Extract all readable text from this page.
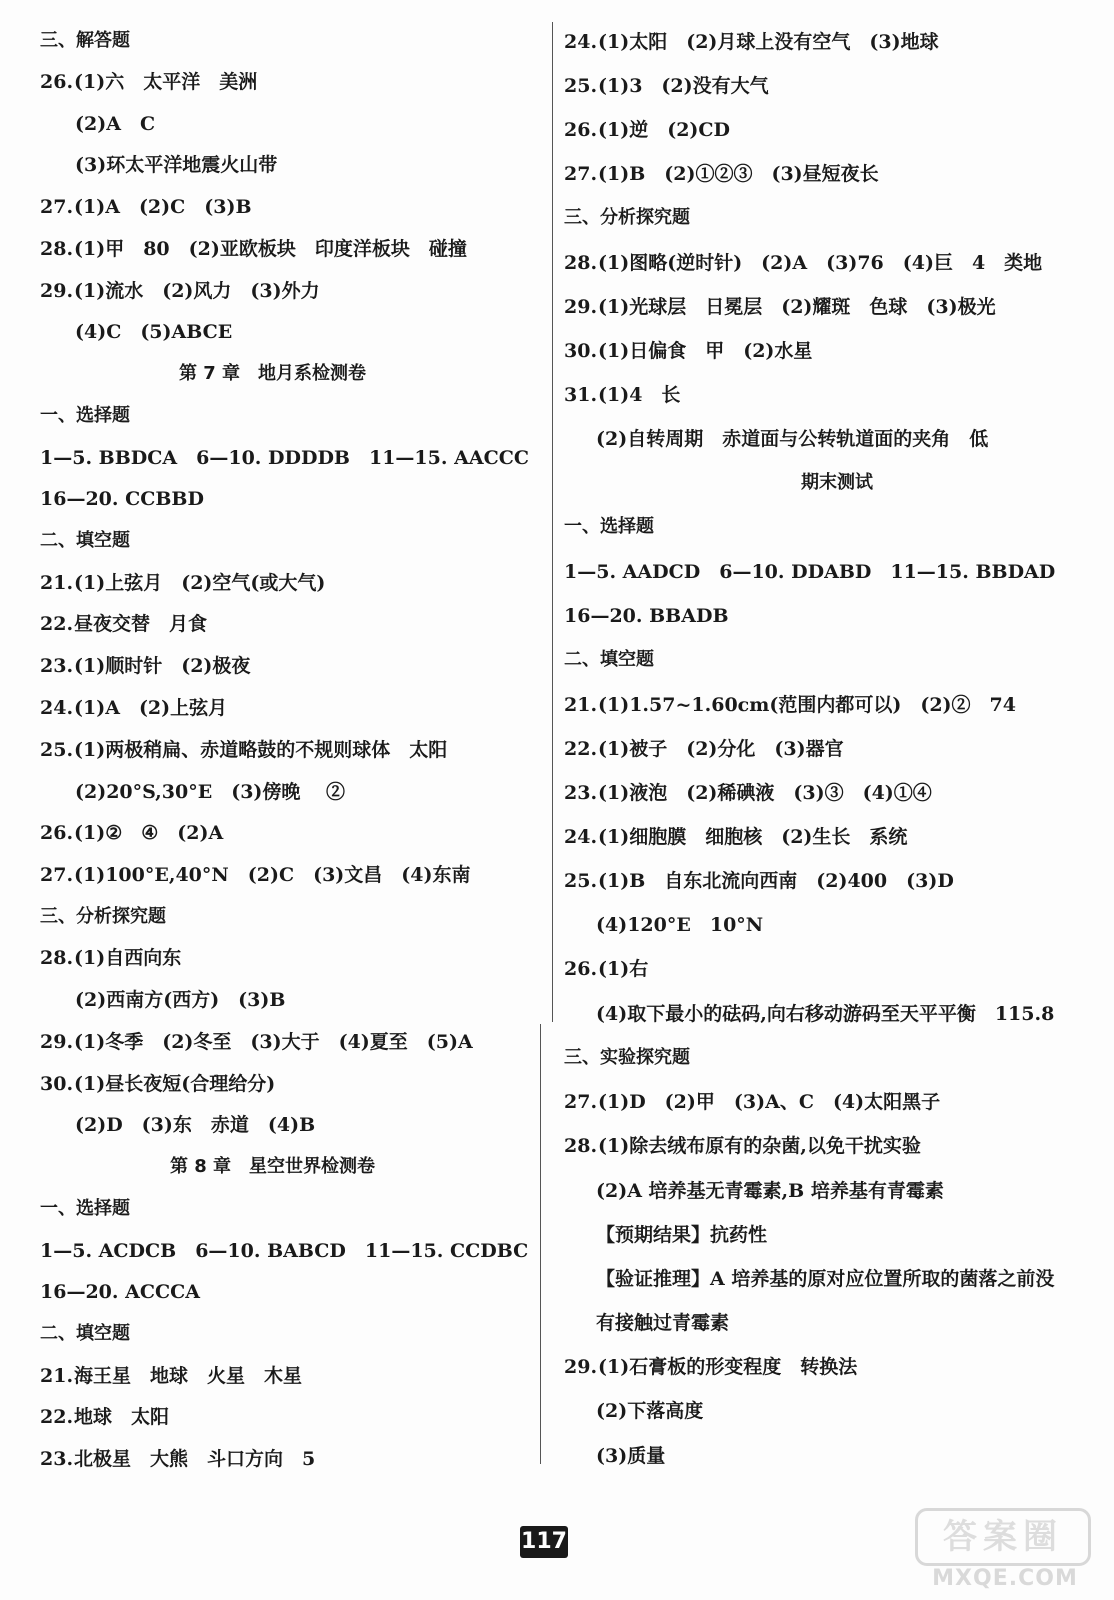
三、解答题
26.(1)六　太平洋　美洲
(2)A　C
(3)环太平洋地震火山带
27.(1)A　(2)C　(3)B
28.(1)甲　80　(2)亚欧板块　印度洋板块　碰撞
29.(1)流水　(2)风力　(3)外力
(4)C　(5)ABCE
第 7 章　地月系检测卷
一、选择题
1—5. BBDCA　6—10. DDDDB　11—15. AACCC
16—20. CCBBD
二、填空题
21.(1)上弦月　(2)空气(或大气)
22.昼夜交替　月食
23.(1)顺时针　(2)极夜
24.(1)A　(2)上弦月
25.(1)两极稍扁、赤道略鼓的不规则球体　太阳
(2)20°S,30°E　(3)傍晚　 ②
26.(1)②　④　(2)A
27.(1)100°E,40°N　(2)C　(3)文昌　(4)东南
三、分析探究题
28.(1)自西向东
(2)西南方(西方)　(3)B
29.(1)冬季　(2)冬至　(3)大于　(4)夏至　(5)A
30.(1)昼长夜短(合理给分)
(2)D　(3)东　赤道　(4)B
第 8 章　星空世界检测卷
一、选择题
1—5. ACDCB　6—10. BABCD　11—15. CCDBC
16—20. ACCCA
二、填空题
21.海王星　地球　火星　木星
22.地球　太阳
23.北极星　大熊　斗口方向　5
24.(1)太阳　(2)月球上没有空气　(3)地球
25.(1)3　(2)没有大气
26.(1)逆　(2)CD
27.(1)B　(2)①②③　(3)昼短夜长
三、分析探究题
28.(1)图略(逆时针)　(2)A　(3)76　(4)巨　4　类地
29.(1)光球层　日冕层　(2)耀斑　色球　(3)极光
30.(1)日偏食　甲　(2)水星
31.(1)4　长
(2)自转周期　赤道面与公转轨道面的夹角　低
期末测试
一、选择题
1—5. AADCD　6—10. DDABD　11—15. BBDAD
16—20. BBADB
二、填空题
21.(1)1.57~1.60cm(范围内都可以)　(2)②　74
22.(1)被子　(2)分化　(3)器官
23.(1)液泡　(2)稀碘液　(3)③　(4)①④
24.(1)细胞膜　细胞核　(2)生长　系统
25.(1)B　自东北流向西南　(2)400　(3)D
(4)120°E　10°N
26.(1)右
(4)取下最小的砝码,向右移动游码至天平平衡　115.8
三、实验探究题
27.(1)D　(2)甲　(3)A、C　(4)太阳黑子
28.(1)除去绒布原有的杂菌,以免干扰实验
(2)A 培养基无青霉素,B 培养基有青霉素
【预期结果】抗药性
【验证推理】A 培养基的原对应位置所取的菌落之前没
有接触过青霉素
29.(1)石膏板的形变程度　转换法
(2)下落高度
(3)质量
117	答案圈
MXQE.COM
